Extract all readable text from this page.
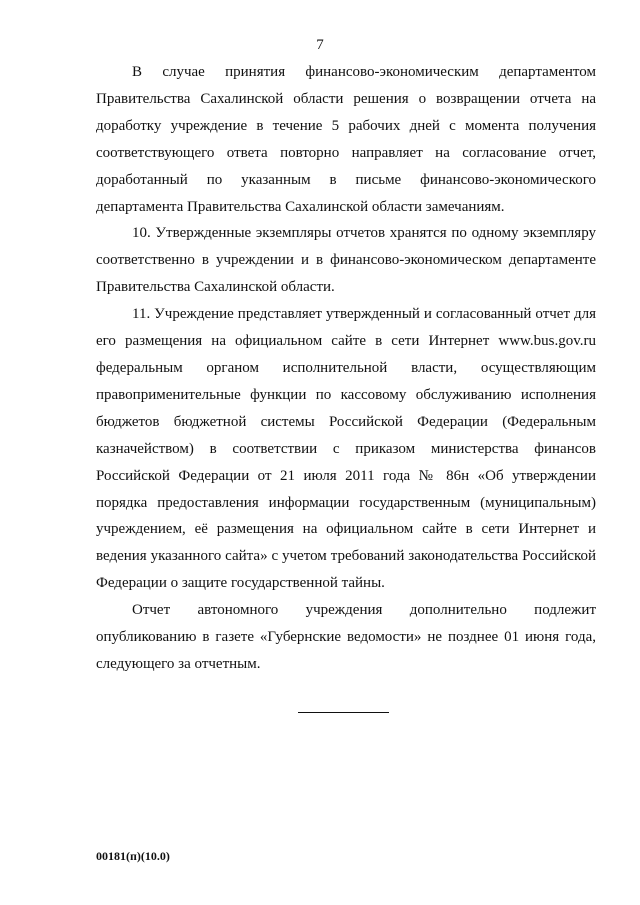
7

В случае принятия финансово-экономическим департаментом Правительства Сахалинской области решения о возвращении отчета на доработку учреждение в течение 5 рабочих дней с момента получения соответствующего ответа повторно направляет на согласование отчет, доработанный по указанным в письме финансово-экономического департамента Правительства Сахалинской области замечаниям.

10. Утвержденные экземпляры отчетов хранятся по одному экземпляру соответственно в учреждении и в финансово-экономическом департаменте Правительства Сахалинской области.

11. Учреждение представляет утвержденный и согласованный отчет для его размещения на официальном сайте в сети Интернет www.bus.gov.ru федеральным органом исполнительной власти, осуществляющим правоприменительные функции по кассовому обслуживанию исполнения бюджетов бюджетной системы Российской Федерации (Федеральным казначейством) в соответствии с приказом министерства финансов Российской Федерации от 21 июля 2011 года № 86н «Об утверждении порядка предоставления информации государственным (муниципальным) учреждением, её размещения на официальном сайте в сети Интернет и ведения указанного сайта» с учетом требований законодательства Российской Федерации о защите государственной тайны.

Отчет автономного учреждения дополнительно подлежит опубликованию в газете «Губернские ведомости» не позднее 01 июня года, следующего за отчетным.

00181(п)(10.0)
